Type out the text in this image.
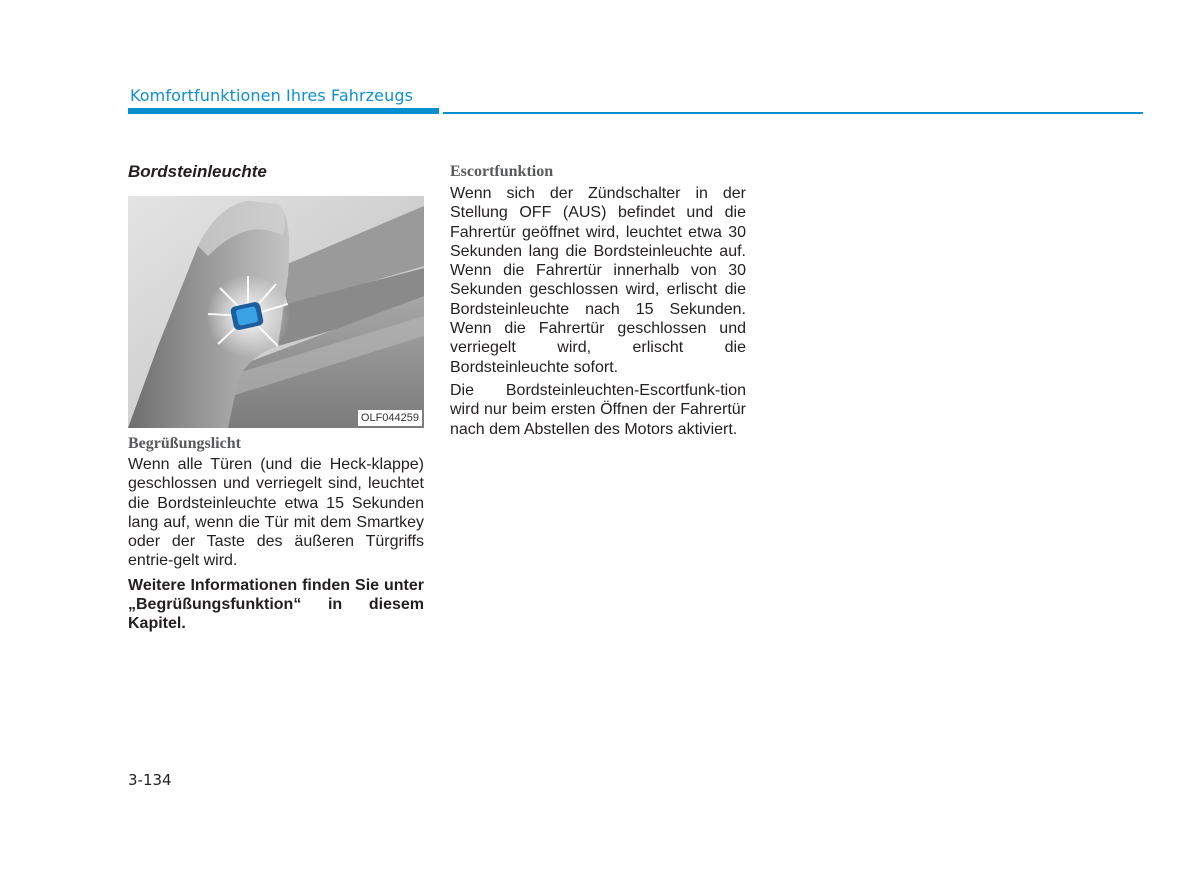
Komfortfunktionen Ihres Fahrzeugs
Bordsteinleuchte
OLF044259
Begrüßungslicht

Wenn alle Türen (und die Heck-klappe) geschlossen und verriegelt sind, leuchtet die Bordsteinleuchte etwa 15 Sekunden lang auf, wenn die Tür mit dem Smartkey oder der Taste des äußeren Türgriffs entrie-gelt wird.

Weitere Informationen finden Sie unter „Begrüßungsfunktion“ in diesem Kapitel.

Escortfunktion

Wenn sich der Zündschalter in der Stellung OFF (AUS) befindet und die Fahrertür geöffnet wird, leuchtet etwa 30 Sekunden lang die Bordsteinleuchte auf. Wenn die Fahrertür innerhalb von 30 Sekunden geschlossen wird, erlischt die Bordsteinleuchte nach 15 Sekunden. Wenn die Fahrertür geschlossen und verriegelt wird, erlischt die Bordsteinleuchte sofort.

Die Bordsteinleuchten-Escortfunk-tion wird nur beim ersten Öffnen der Fahrertür nach dem Abstellen des Motors aktiviert.

3-134
